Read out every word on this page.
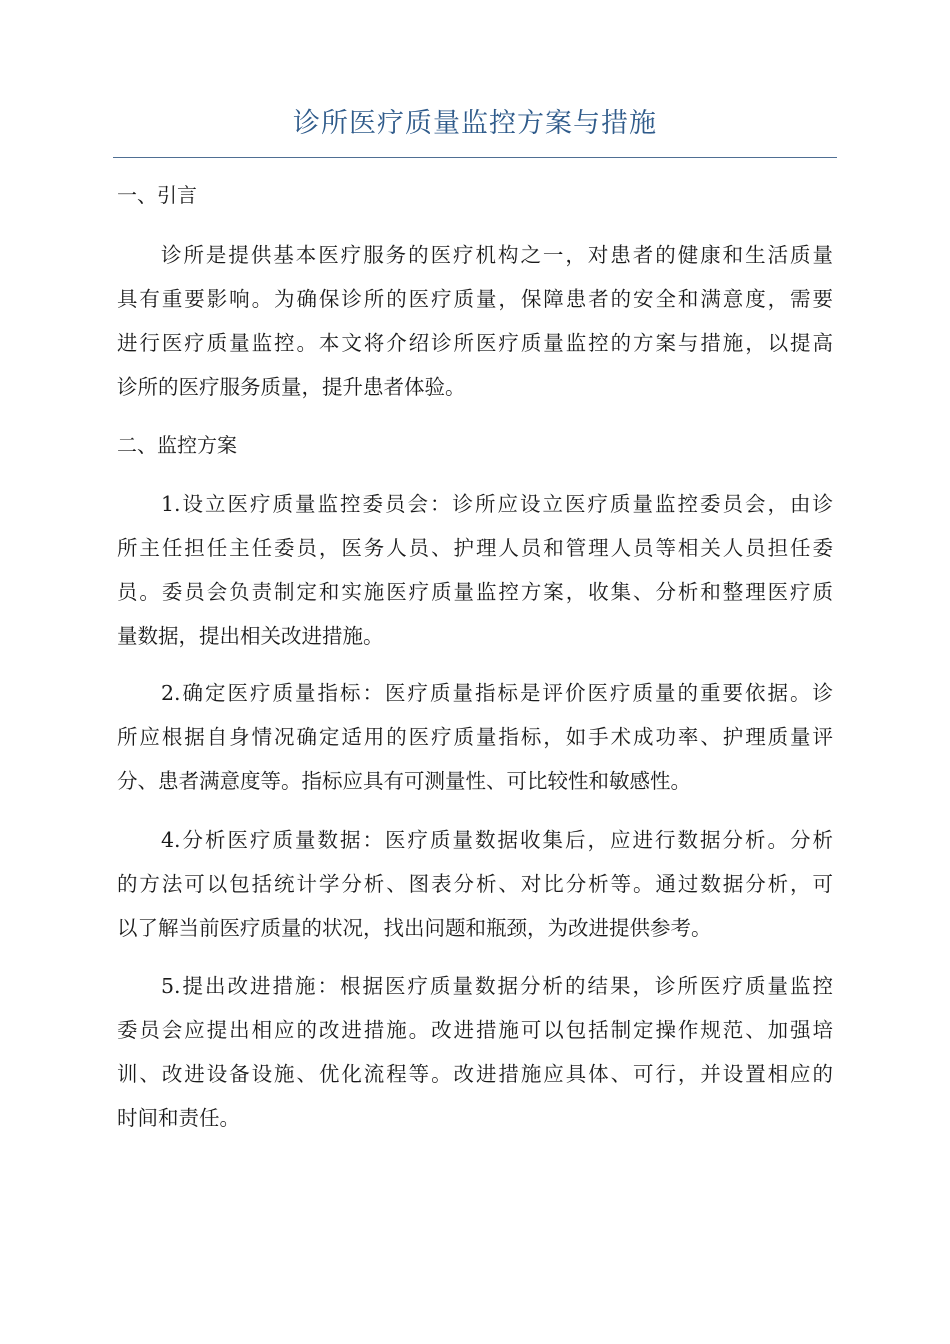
诊所医疗质量监控方案与措施
一、引言
诊所是提供基本医疗服务的医疗机构之一，对患者的健康和生活质量
具有重要影响。为确保诊所的医疗质量，保障患者的安全和满意度，需要
进行医疗质量监控。本文将介绍诊所医疗质量监控的方案与措施，以提高
诊所的医疗服务质量，提升患者体验。
二、监控方案
1.设立医疗质量监控委员会：诊所应设立医疗质量监控委员会，由诊
所主任担任主任委员，医务人员、护理人员和管理人员等相关人员担任委
员。委员会负责制定和实施医疗质量监控方案，收集、分析和整理医疗质
量数据，提出相关改进措施。
2.确定医疗质量指标：医疗质量指标是评价医疗质量的重要依据。诊
所应根据自身情况确定适用的医疗质量指标，如手术成功率、护理质量评
分、患者满意度等。指标应具有可测量性、可比较性和敏感性。
4.分析医疗质量数据：医疗质量数据收集后，应进行数据分析。分析
的方法可以包括统计学分析、图表分析、对比分析等。通过数据分析，可
以了解当前医疗质量的状况，找出问题和瓶颈，为改进提供参考。
5.提出改进措施：根据医疗质量数据分析的结果，诊所医疗质量监控
委员会应提出相应的改进措施。改进措施可以包括制定操作规范、加强培
训、改进设备设施、优化流程等。改进措施应具体、可行，并设置相应的
时间和责任。
